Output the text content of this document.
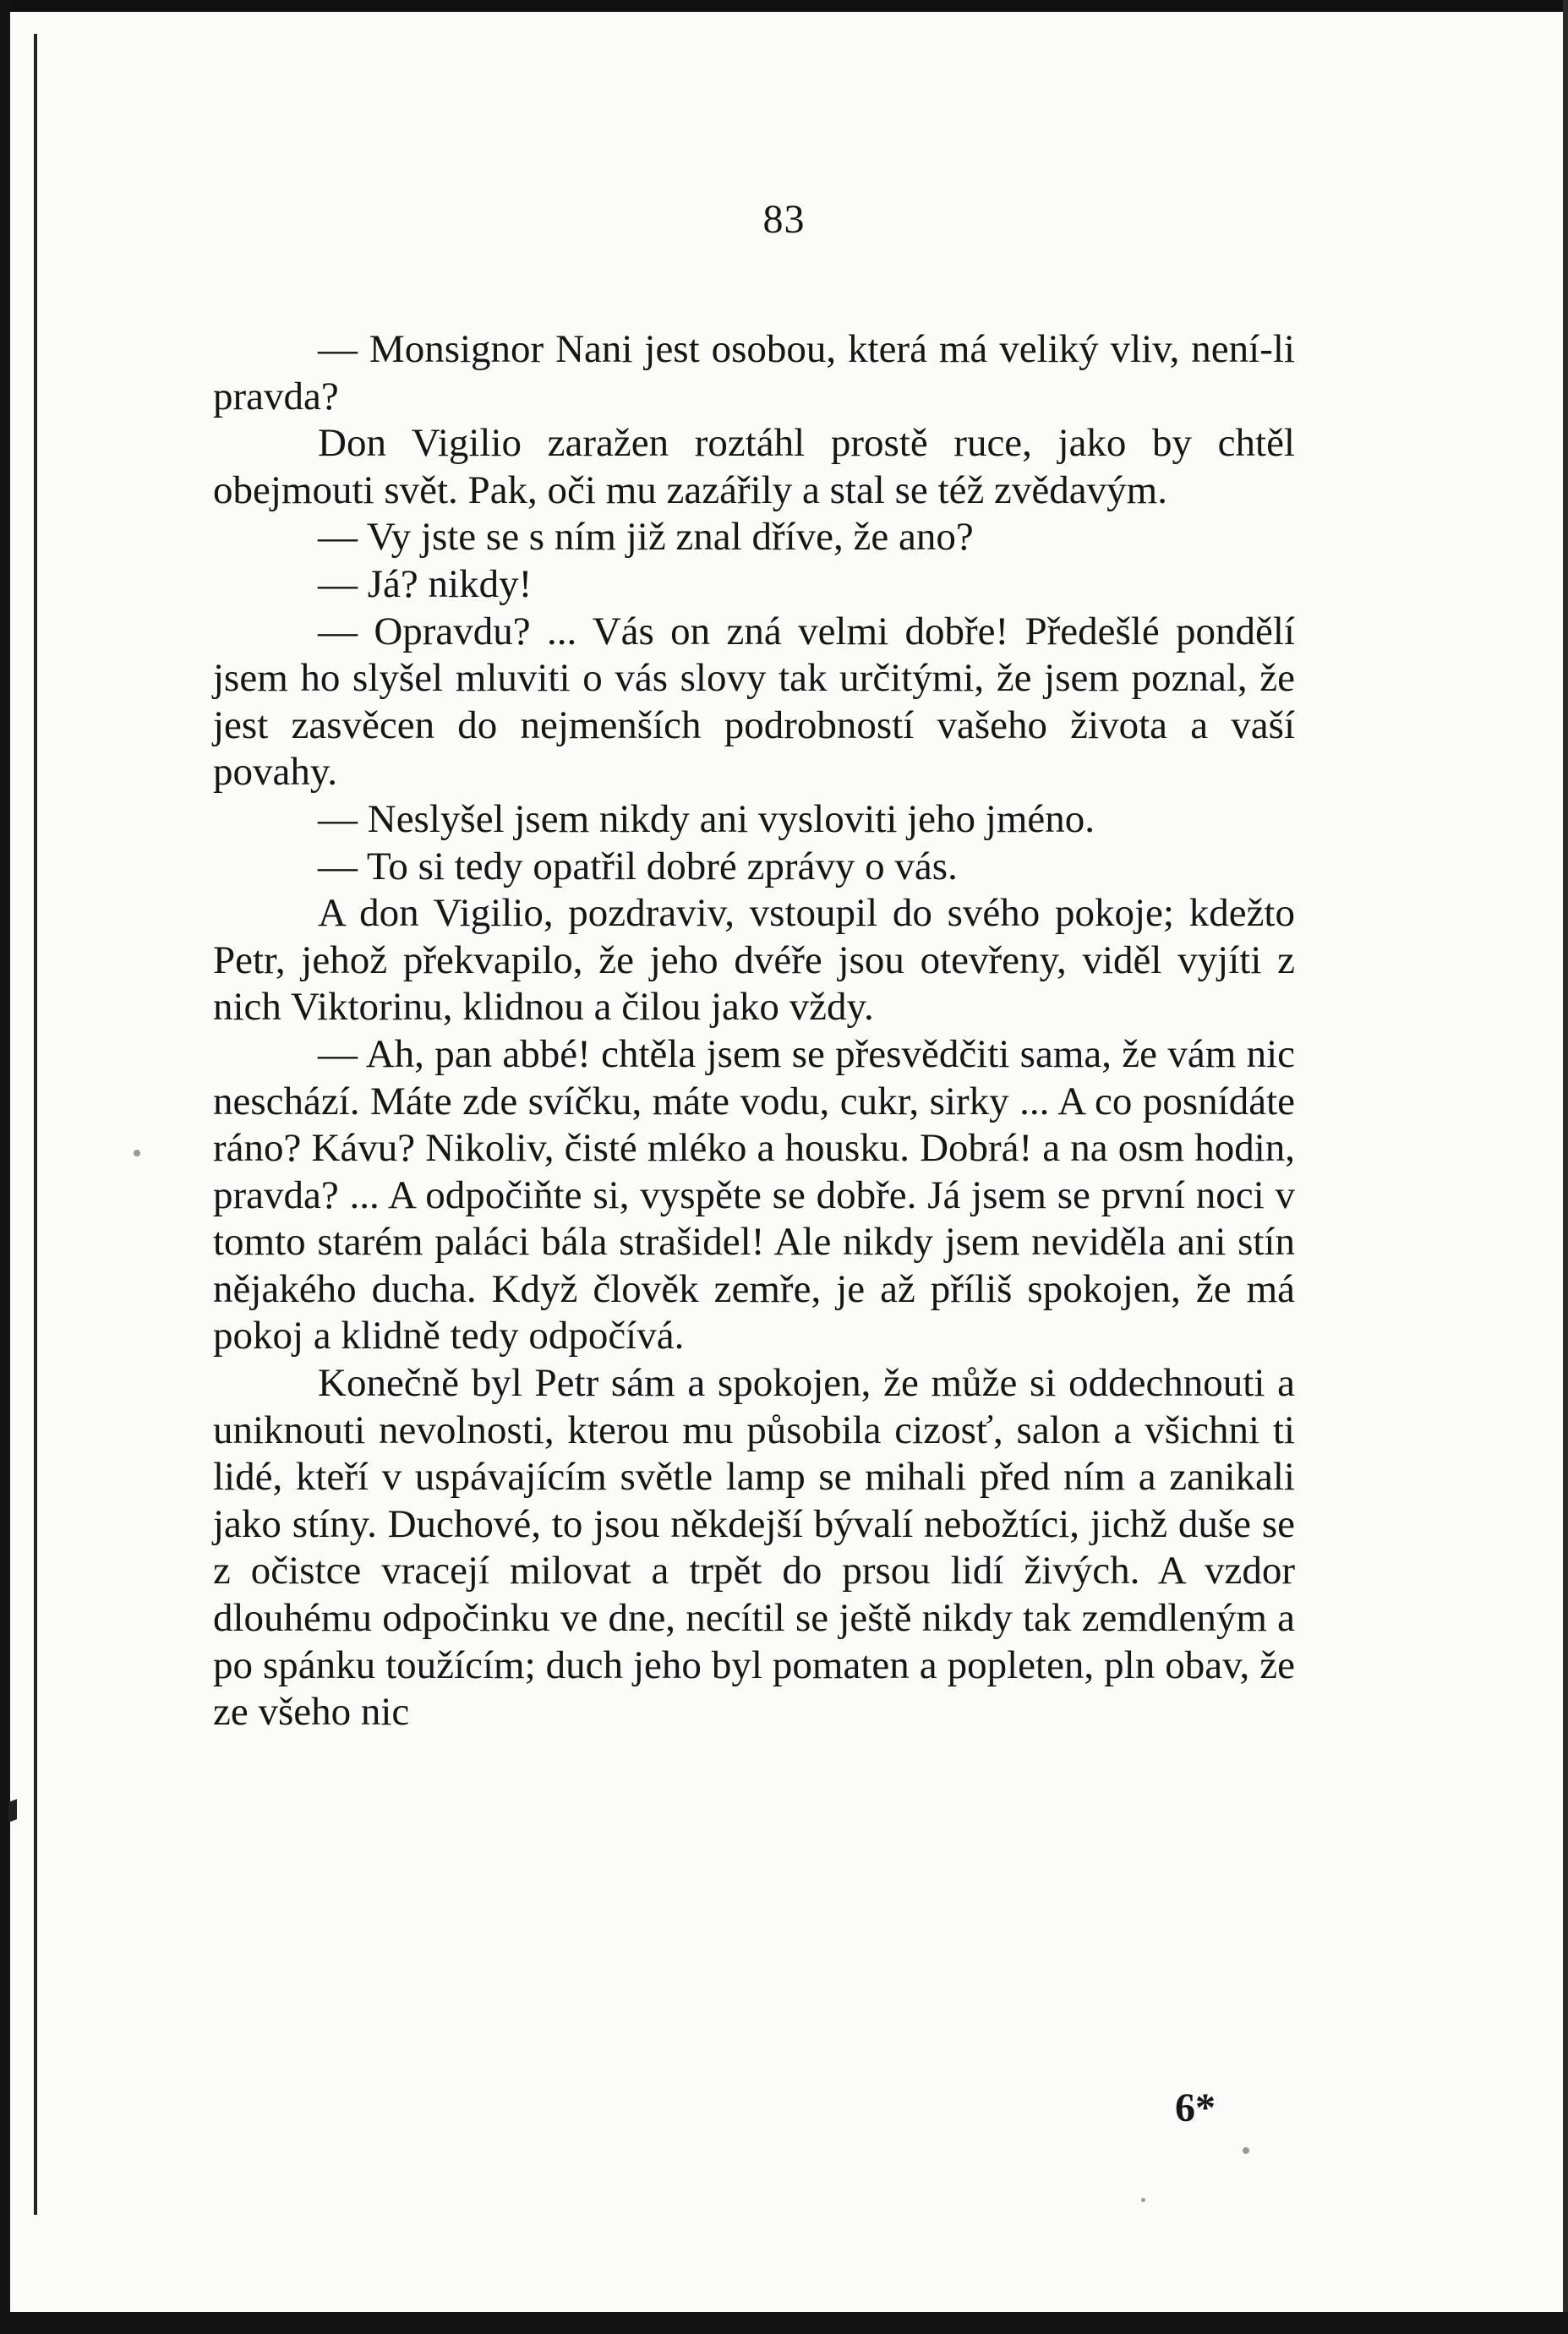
83

— Monsignor Nani jest osobou, která má veliký vliv, není-li pravda?

Don Vigilio zaražen roztáhl prostě ruce, jako by chtěl obejmouti svět. Pak, oči mu zazářily a stal se též zvědavým.

— Vy jste se s ním již znal dříve, že ano?

— Já? nikdy!

— Opravdu? ... Vás on zná velmi dobře! Předešlé pondělí jsem ho slyšel mluviti o vás slovy tak určitými, že jsem poznal, že jest zasvěcen do nejmenších podrobností vašeho života a vaší povahy.

— Neslyšel jsem nikdy ani vysloviti jeho jméno.

— To si tedy opatřil dobré zprávy o vás.

A don Vigilio, pozdraviv, vstoupil do svého pokoje; kdežto Petr, jehož překvapilo, že jeho dvéře jsou otevřeny, viděl vyjíti z nich Viktorinu, klidnou a čilou jako vždy.

— Ah, pan abbé! chtěla jsem se přesvědčiti sama, že vám nic neschází. Máte zde svíčku, máte vodu, cukr, sirky ... A co posnídáte ráno? Kávu? Nikoliv, čisté mléko a housku. Dobrá! a na osm hodin, pravda? ... A odpočiňte si, vyspěte se dobře. Já jsem se první noci v tomto starém paláci bála strašidel! Ale nikdy jsem neviděla ani stín nějakého ducha. Když člověk zemře, je až příliš spokojen, že má pokoj a klidně tedy odpočívá.

Konečně byl Petr sám a spokojen, že může si oddechnouti a uniknouti nevolnosti, kterou mu působila cizosť, salon a všichni ti lidé, kteří v uspávajícím světle lamp se mihali před ním a zanikali jako stíny. Duchové, to jsou někdejší bývalí nebožtíci, jichž duše se z očistce vracejí milovat a trpět do prsou lidí živých. A vzdor dlouhému odpočinku ve dne, necítil se ještě nikdy tak zemdleným a po spánku toužícím; duch jeho byl pomaten a popleten, pln obav, že ze všeho nic

6*
